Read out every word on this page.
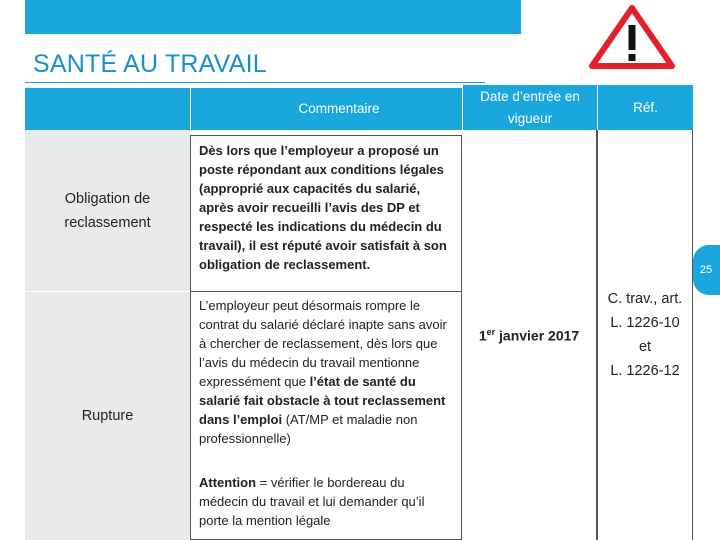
SANTÉ AU TRAVAIL
Commentaire
Date d’entrée en vigueur
Réf.
Obligation de reclassement
Rupture

Dès lors que l’employeur a proposé un poste répondant aux conditions légales (approprié aux capacités du salarié, après avoir recueilli l’avis des DP et respecté les indications du médecin du travail), il est réputé avoir satisfait à son obligation de reclassement.

L’employeur peut désormais rompre le contrat du salarié déclaré inapte sans avoir à chercher de reclassement, dès lors que l’avis du médecin du travail mentionne expressément que l’état de santé du salarié fait obstacle à tout reclassement dans l’emploi (AT/MP et maladie non professionnelle)

Attention = vérifier le bordereau du médecin du travail et lui demander qu’il porte la mention légale

1er janvier 2017
C. trav., art.
L. 1226-10
et
L. 1226-12
25
